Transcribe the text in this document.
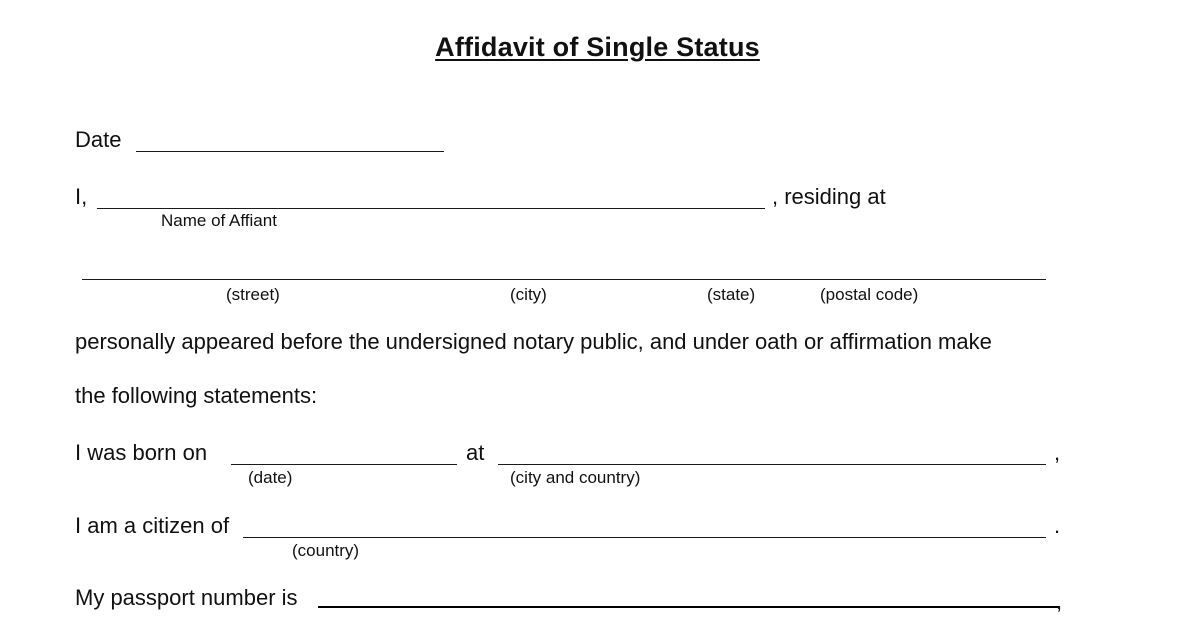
Affidavit of Single Status
Date
I,	, residing at
Name of Affiant
(street)	(city)	(state)	(postal code)
personally appeared before the undersigned notary public, and under oath or affirmation make
the following statements:
I was born on	at	,
(date)	(city and country)
I am a citizen of	.
(country)
My passport number is	,
